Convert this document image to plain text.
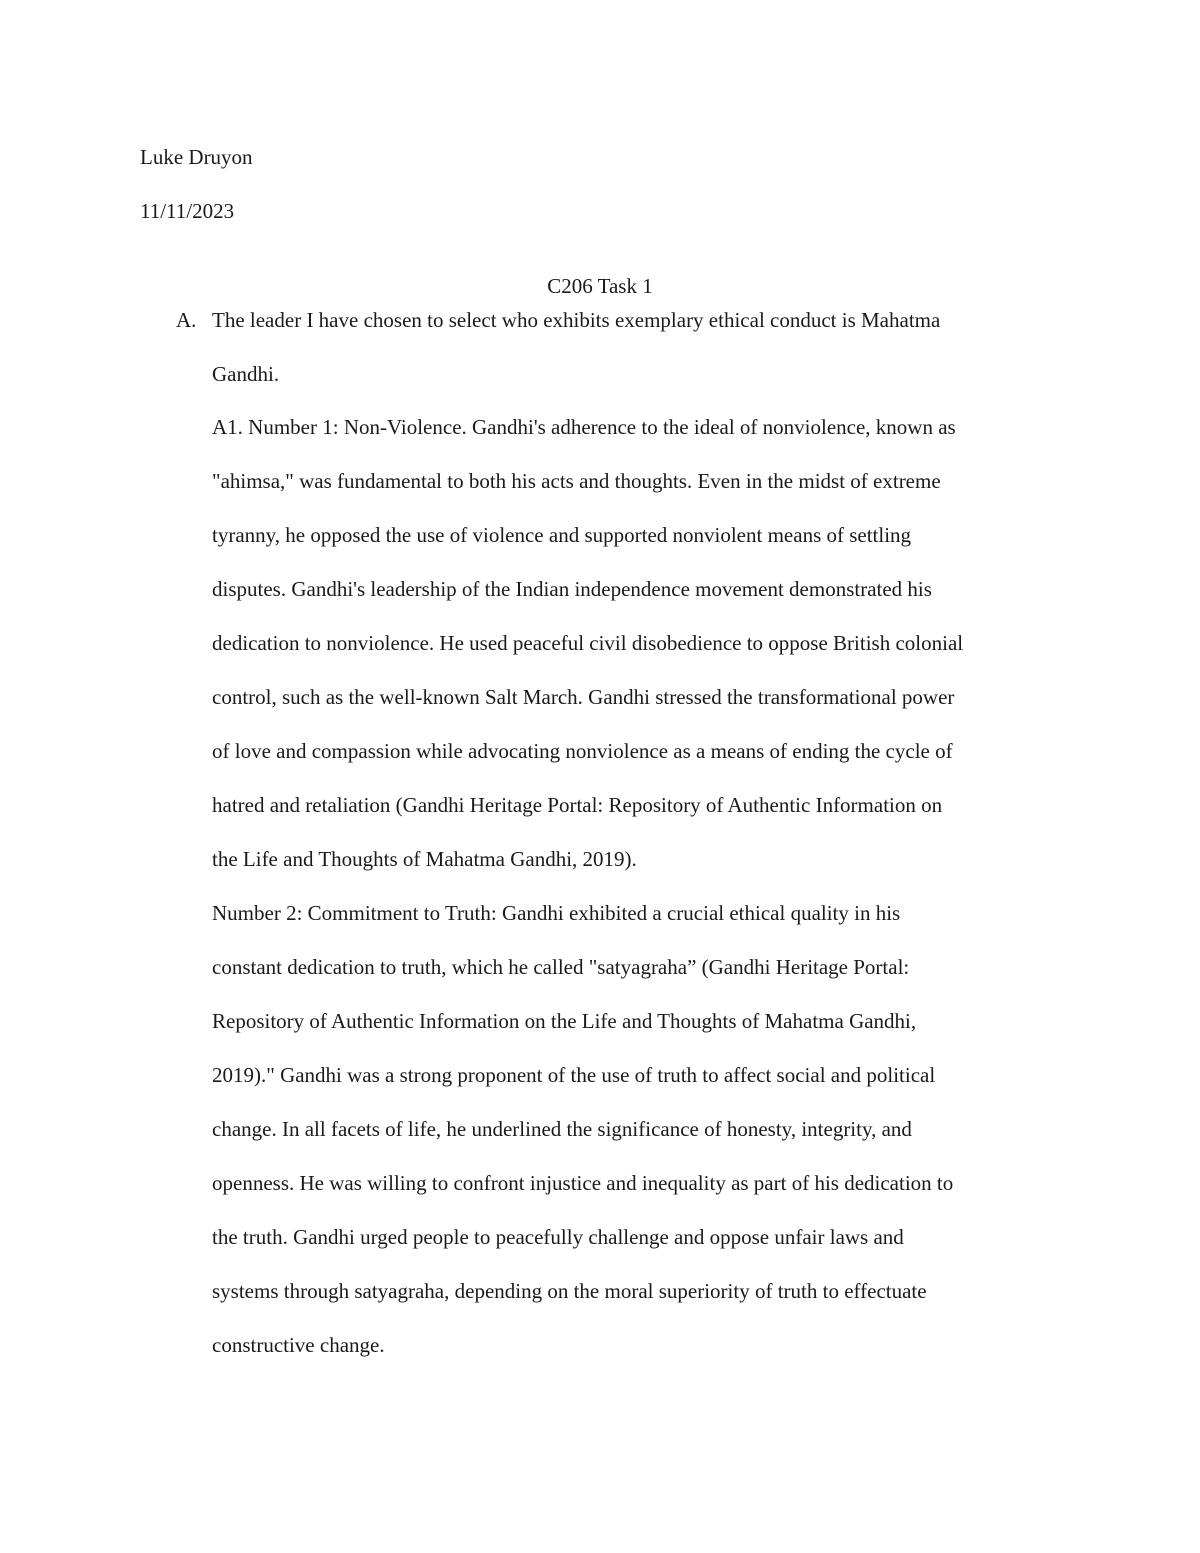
Luke Druyon

11/11/2023

C206 Task 1

A. The leader I have chosen to select who exhibits exemplary ethical conduct is Mahatma

Gandhi.

A1. Number 1: Non-Violence. Gandhi's adherence to the ideal of nonviolence, known as

"ahimsa," was fundamental to both his acts and thoughts. Even in the midst of extreme

tyranny, he opposed the use of violence and supported nonviolent means of settling

disputes. Gandhi's leadership of the Indian independence movement demonstrated his

dedication to nonviolence. He used peaceful civil disobedience to oppose British colonial

control, such as the well-known Salt March. Gandhi stressed the transformational power

of love and compassion while advocating nonviolence as a means of ending the cycle of

hatred and retaliation (Gandhi Heritage Portal: Repository of Authentic Information on

the Life and Thoughts of Mahatma Gandhi, 2019).

Number 2: Commitment to Truth: Gandhi exhibited a crucial ethical quality in his

constant dedication to truth, which he called "satyagraha” (Gandhi Heritage Portal:

Repository of Authentic Information on the Life and Thoughts of Mahatma Gandhi,

2019)." Gandhi was a strong proponent of the use of truth to affect social and political

change. In all facets of life, he underlined the significance of honesty, integrity, and

openness. He was willing to confront injustice and inequality as part of his dedication to

the truth. Gandhi urged people to peacefully challenge and oppose unfair laws and

systems through satyagraha, depending on the moral superiority of truth to effectuate

constructive change.
